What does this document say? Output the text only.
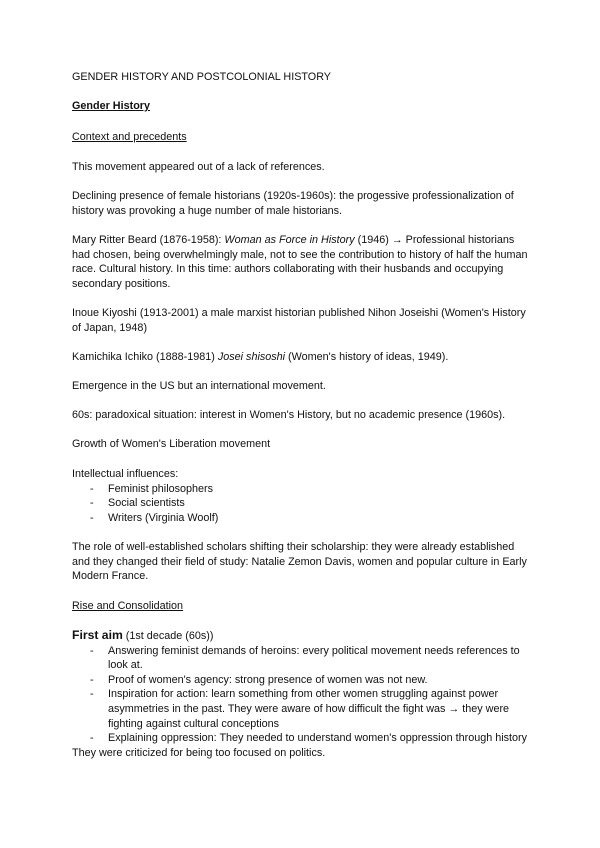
GENDER HISTORY AND POSTCOLONIAL HISTORY

Gender History

Context and precedents

This movement appeared out of a lack of references.

Declining presence of female historians (1920s-1960s): the progessive professionalization of history was provoking a huge number of male historians.

Mary Ritter Beard (1876-1958): Woman as Force in History (1946) → Professional historians had chosen, being overwhelmingly male, not to see the contribution to history of half the human race. Cultural history. In this time: authors collaborating with their husbands and occupying secondary positions.

Inoue Kiyoshi (1913-2001) a male marxist historian published Nihon Joseishi (Women's History of Japan, 1948)

Kamichika Ichiko (1888-1981) Josei shisoshi (Women's history of ideas, 1949).

Emergence in the US but an international movement.

60s: paradoxical situation: interest in Women's History, but no academic presence (1960s).

Growth of Women's Liberation movement

Intellectual influences:
- Feminist philosophers
- Social scientists
- Writers (Virginia Woolf)

The role of well-established scholars shifting their scholarship: they were already established and they changed their field of study: Natalie Zemon Davis, women and popular culture in Early Modern France.

Rise and Consolidation

First aim (1st decade (60s))
- Answering feminist demands of heroins: every political movement needs references to look at.
- Proof of women's agency: strong presence of women was not new.
- Inspiration for action: learn something from other women struggling against power asymmetries in the past. They were aware of how difficult the fight was → they were fighting against cultural conceptions
- Explaining oppression: They needed to understand women's oppression through history
They were criticized for being too focused on politics.
